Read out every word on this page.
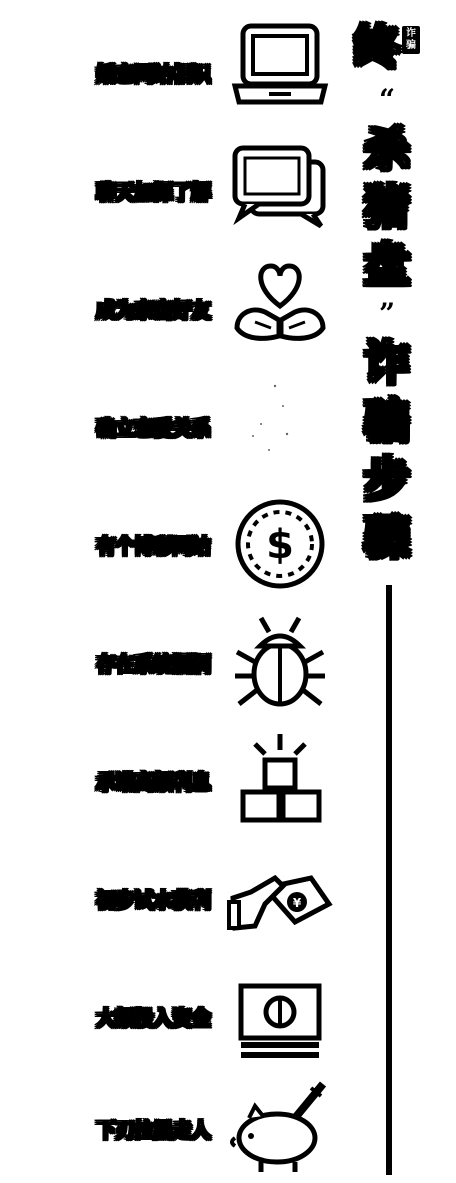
婚恋网站相识
聊天加深了解
成为亲密好友
确立恋爱关系
有个博彩网站 $
存在系统漏洞
承诺高额利息
初步试水获利	¥
大额投入资金
下刃拉黑走人
终 诈骗
“
杀
猪
盘
”
诈
骗
步
骤
